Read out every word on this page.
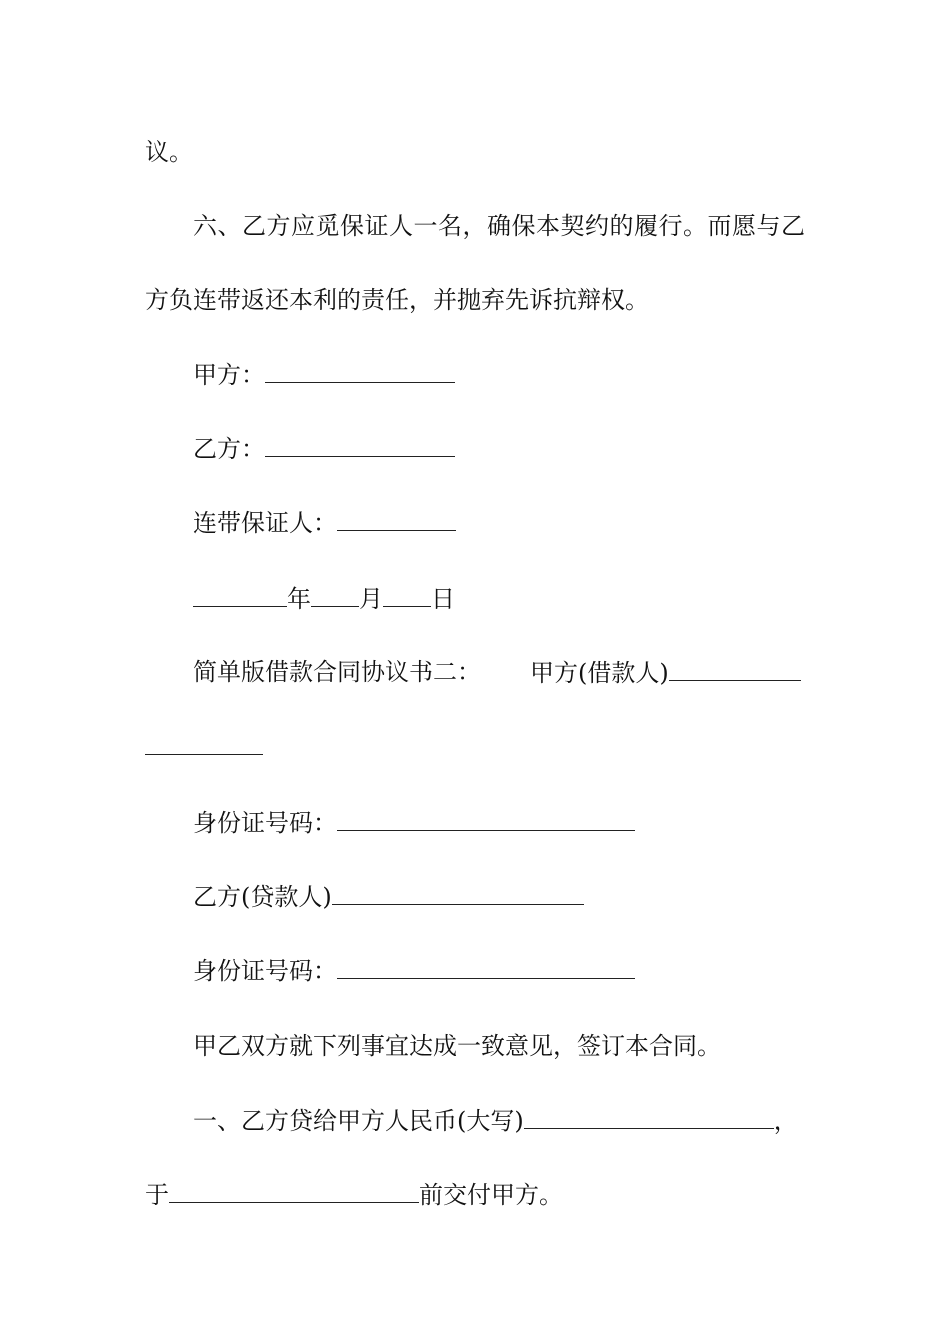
议。
六、乙方应觅保证人一名，确保本契约的履行。而愿与乙
方负连带返还本利的责任，并抛弃先诉抗辩权。
甲方：
乙方：
连带保证人：
年 月 日
简单版借款合同协议书二： 甲方(借款人)
身份证号码：
乙方(贷款人)
身份证号码：
甲乙双方就下列事宜达成一致意见，签订本合同。
一、乙方贷给甲方人民币(大写)	，
于	前交付甲方。
